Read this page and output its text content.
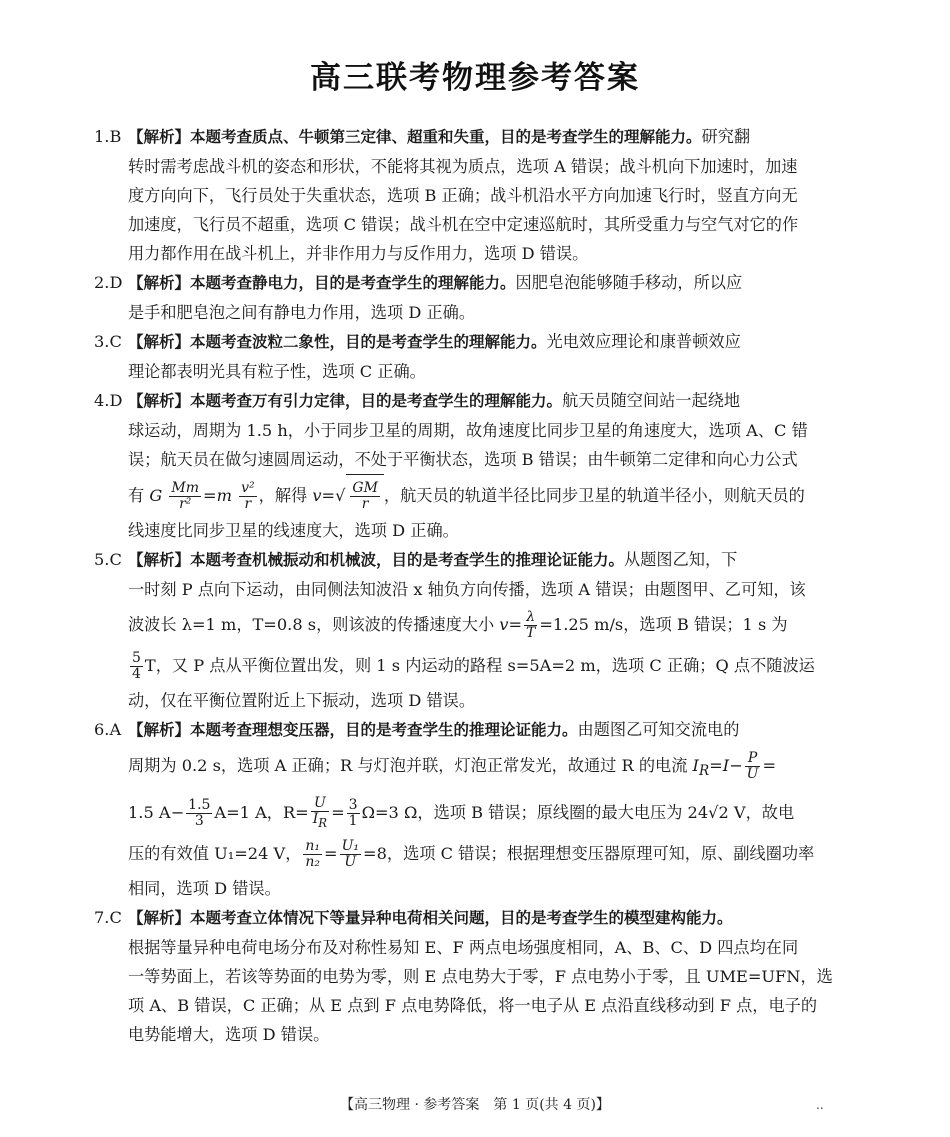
高三联考物理参考答案
1.B 【解析】本题考查质点、牛顿第三定律、超重和失重，目的是考查学生的理解能力。研究翻
转时需考虑战斗机的姿态和形状，不能将其视为质点，选项 A 错误；战斗机向下加速时，加速
度方向向下，飞行员处于失重状态，选项 B 正确；战斗机沿水平方向加速飞行时，竖直方向无
加速度，飞行员不超重，选项 C 错误；战斗机在空中定速巡航时，其所受重力与空气对它的作
用力都作用在战斗机上，并非作用力与反作用力，选项 D 错误。
2.D 【解析】本题考查静电力，目的是考查学生的理解能力。因肥皂泡能够随手移动，所以应
是手和肥皂泡之间有静电力作用，选项 D 正确。
3.C 【解析】本题考查波粒二象性，目的是考查学生的理解能力。光电效应理论和康普顿效应
理论都表明光具有粒子性，选项 C 正确。
4.D 【解析】本题考查万有引力定律，目的是考查学生的理解能力。航天员随空间站一起绕地
球运动，周期为 1.5 h，小于同步卫星的周期，故角速度比同步卫星的角速度大，选项 A、C 错
误；航天员在做匀速圆周运动，不处于平衡状态，选项 B 错误；由牛顿第二定律和向心力公式
有 G $\frac{Mm}{\text{r²}} =m \frac{\text{v²}}{r}$ ，解得 $v=√ \frac{GM}{r}$ ，航天员的轨道半径比同步卫星的轨道半径小，则航天员的
线速度比同步卫星的线速度大，选项 D 正确。
5.C 【解析】本题考查机械振动和机械波，目的是考查学生的推理论证能力。从题图乙知，下
一时刻 P 点向下运动，由同侧法知波沿 x 轴负方向传播，选项 A 错误；由题图甲、乙可知，该
波波长 λ=1 m，T=0.8 s，则该波的传播速度大小 $v= \frac{\lambda}{T} =1.25$ m/s，选项 B 错误；1 s 为
$\frac{5}{4}$ T，又 P 点从平衡位置出发，则 1 s 内运动的路程 s=5A=2 m，选项 C 正确；Q 点不随波运
动，仅在平衡位置附近上下振动，选项 D 错误。
6.A 【解析】本题考查理想变压器，目的是考查学生的推理论证能力。由题图乙可知交流电的
周期为 0.2 s，选项 A 正确；R 与灯泡并联，灯泡正常发光，故通过 R 的电流 $I_R=I- \frac{P}{U}$ =
1.5 $A- \frac{1.5}{3} A=1$ A，$R= \frac{U}{I_R} = \frac{3}{1} \Omega=3$ Ω，选项 B 错误；原线圈的最大电压为 24√2 V，故电
压的有效值 U₁=24 V， $\frac{\text{n₁}}{\text{n₂}} = \frac{\text{U₁}}{U} =8$，选项 C 错误；根据理想变压器原理可知，原、副线圈功率
相同，选项 D 错误。
7.C 【解析】本题考查立体情况下等量异种电荷相关问题，目的是考查学生的模型建构能力。
根据等量异种电荷电场分布及对称性易知 E、F 两点电场强度相同，A、B、C、D 四点均在同
一等势面上，若该等势面的电势为零，则 E 点电势大于零，F 点电势小于零，且 UME=UFN，选
项 A、B 错误，C 正确；从 E 点到 F 点电势降低，将一电子从 E 点沿直线移动到 F 点，电子的
电势能增大，选项 D 错误。
【高三物理 · 参考答案　第 1 页(共 4 页)】	..
